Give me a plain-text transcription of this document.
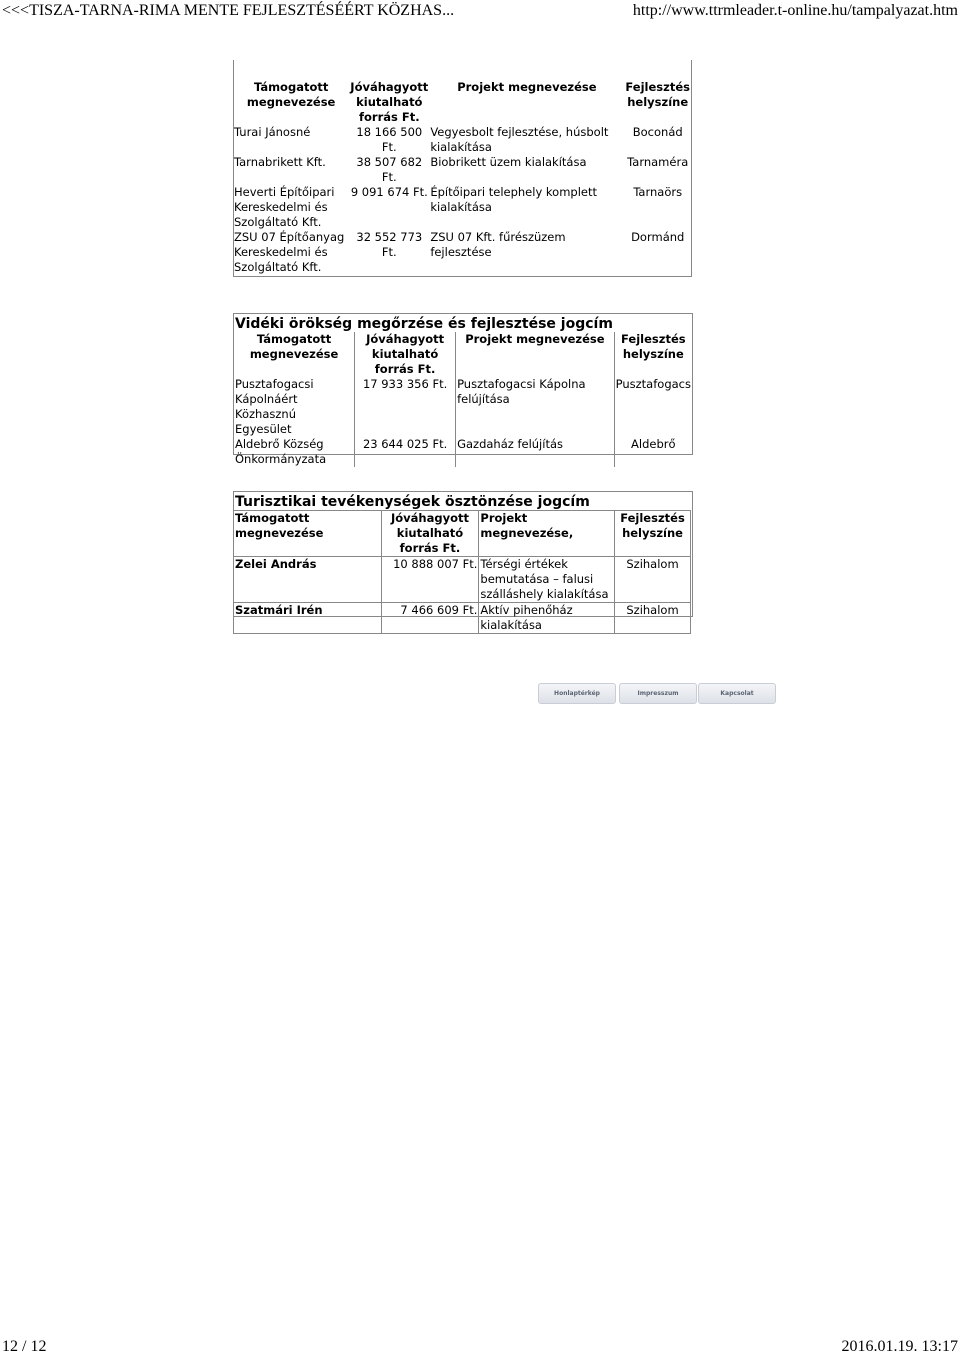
<<<TISZA-TARNA-RIMA MENTE FEJLESZTÉSÉÉRT KÖZHAS...	http://www.ttrmleader.t-online.hu/tampalyazat.htm
Támogatott megnevezése	Jóváhagyott kiutalható forrás Ft.	Projekt megnevezése	Fejlesztés helyszíne
Turai Jánosné	18 166 500 Ft.	Vegyesbolt fejlesztése, húsbolt kialakítása	Boconád
Tarnabrikett Kft.	38 507 682 Ft.	Biobrikett üzem kialakítása	Tarnaméra
Heverti Építőipari Kereskedelmi és Szolgáltató Kft.	9 091 674 Ft.	Építőipari telephely komplett kialakítása	Tarnaörs
ZSU 07 Építőanyag Kereskedelmi és Szolgáltató Kft.	32 552 773 Ft.	ZSU 07 Kft. fűrészüzem fejlesztése	Dormánd
Vidéki örökség megőrzése és fejlesztése jogcím
Támogatott megnevezése	Jóváhagyott kiutalható forrás Ft.	Projekt megnevezése	Fejlesztés helyszíne
Pusztafogacsi Kápolnáért Közhasznú Egyesület	17 933 356 Ft.	Pusztafogacsi Kápolna felújítása	Pusztafogacs
Aldebrő Község Önkormányzata	23 644 025 Ft.	Gazdaház felújítás	Aldebrő
Turisztikai tevékenységek ösztönzése jogcím
Támogatott megnevezése	Jóváhagyott kiutalható forrás Ft.	Projekt megnevezése,	Fejlesztés helyszíne
Zelei András	10 888 007 Ft.	Térségi értékek bemutatása – falusi szálláshely kialakítása	Szihalom
Szatmári Irén	7 466 609 Ft.	Aktív pihenőház kialakítása	Szihalom
Honlaptérkép	Impresszum	Kapcsolat
12 / 12	2016.01.19. 13:17
